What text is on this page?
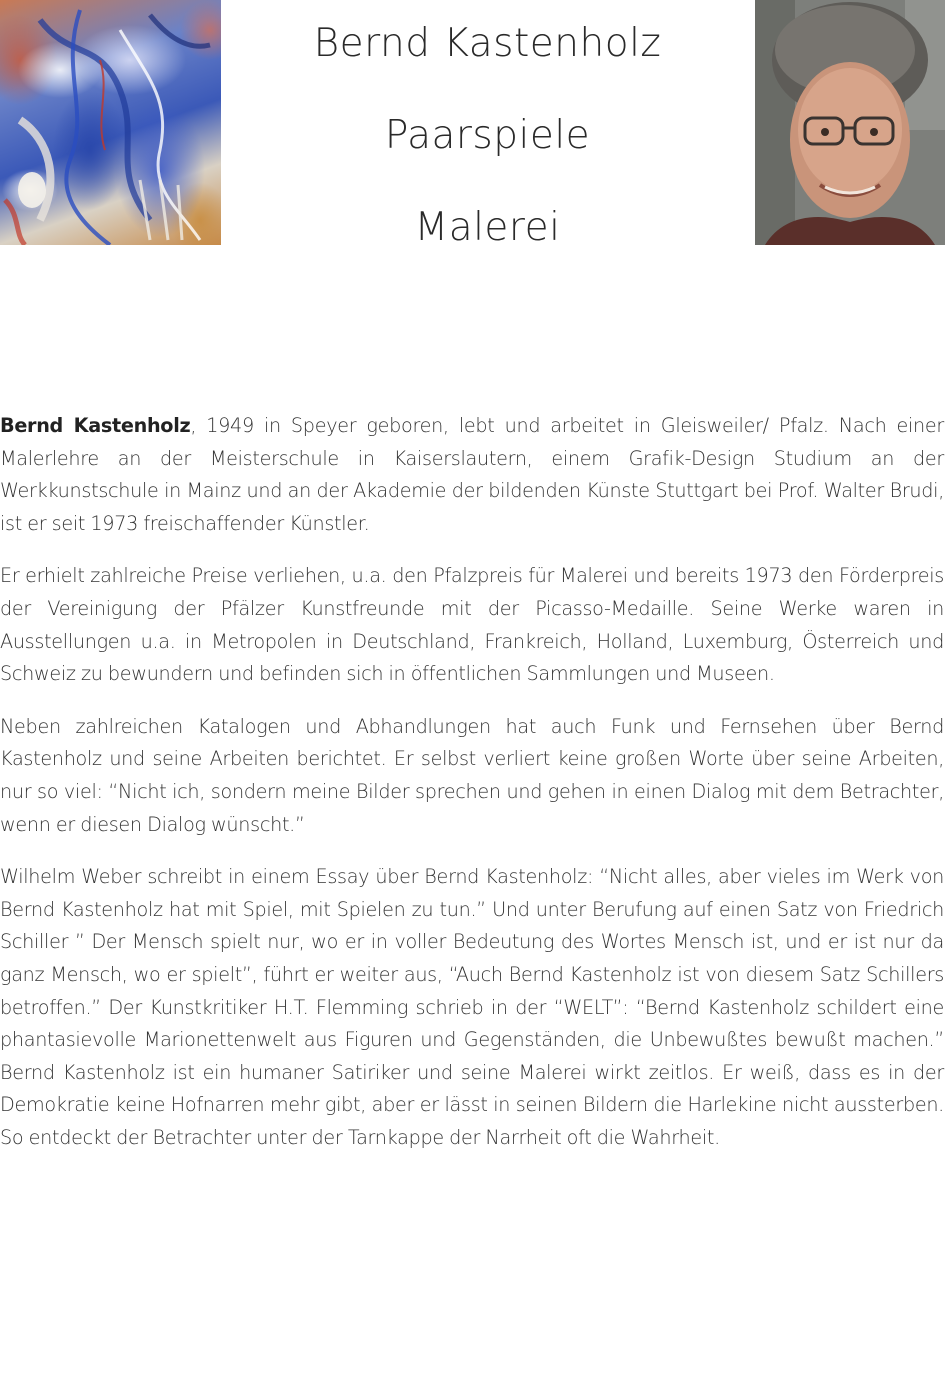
Bernd Kastenholz
Paarspiele
Malerei

Bernd Kastenholz, 1949 in Speyer geboren, lebt und arbeitet in Gleisweiler/ Pfalz. Nach einer Malerlehre an der Meisterschule in Kaiserslautern, einem Grafik-Design Studium an der Werkkunstschule in Mainz und an der Akademie der bildenden Künste Stuttgart bei Prof. Walter Brudi, ist er seit 1973 freischaffender Künstler.

Er erhielt zahlreiche Preise verliehen, u.a. den Pfalzpreis für Malerei und bereits 1973 den Förderpreis der Vereinigung der Pfälzer Kunstfreunde mit der Picasso-Medaille. Seine Werke waren in Ausstellungen u.a. in Metropolen in Deutschland, Frankreich, Holland, Luxemburg, Österreich und Schweiz zu bewundern und befinden sich in öffentlichen Sammlungen und Museen.

Neben zahlreichen Katalogen und Abhandlungen hat auch Funk und Fernsehen über Bernd Kastenholz und seine Arbeiten berichtet. Er selbst verliert keine großen Worte über seine Arbeiten, nur so viel: “Nicht ich, sondern meine Bilder sprechen und gehen in einen Dialog mit dem Betrachter, wenn er diesen Dialog wünscht.”

Wilhelm Weber schreibt in einem Essay über Bernd Kastenholz: “Nicht alles, aber vieles im Werk von Bernd Kastenholz hat mit Spiel, mit Spielen zu tun.” Und unter Berufung auf einen Satz von Friedrich Schiller ” Der Mensch spielt nur, wo er in voller Bedeutung des Wortes Mensch ist, und er ist nur da ganz Mensch, wo er spielt”, führt er weiter aus, “Auch Bernd Kastenholz ist von diesem Satz Schillers betroffen.” Der Kunstkritiker H.T. Flemming schrieb in der “WELT”: “Bernd Kastenholz schildert eine phantasievolle Marionettenwelt aus Figuren und Gegenständen, die Unbewußtes bewußt machen.” Bernd Kastenholz ist ein humaner Satiriker und seine Malerei wirkt zeitlos. Er weiß, dass es in der Demokratie keine Hofnarren mehr gibt, aber er lässt in seinen Bildern die Harlekine nicht aussterben. So entdeckt der Betrachter unter der Tarnkappe der Narrheit oft die Wahrheit.
